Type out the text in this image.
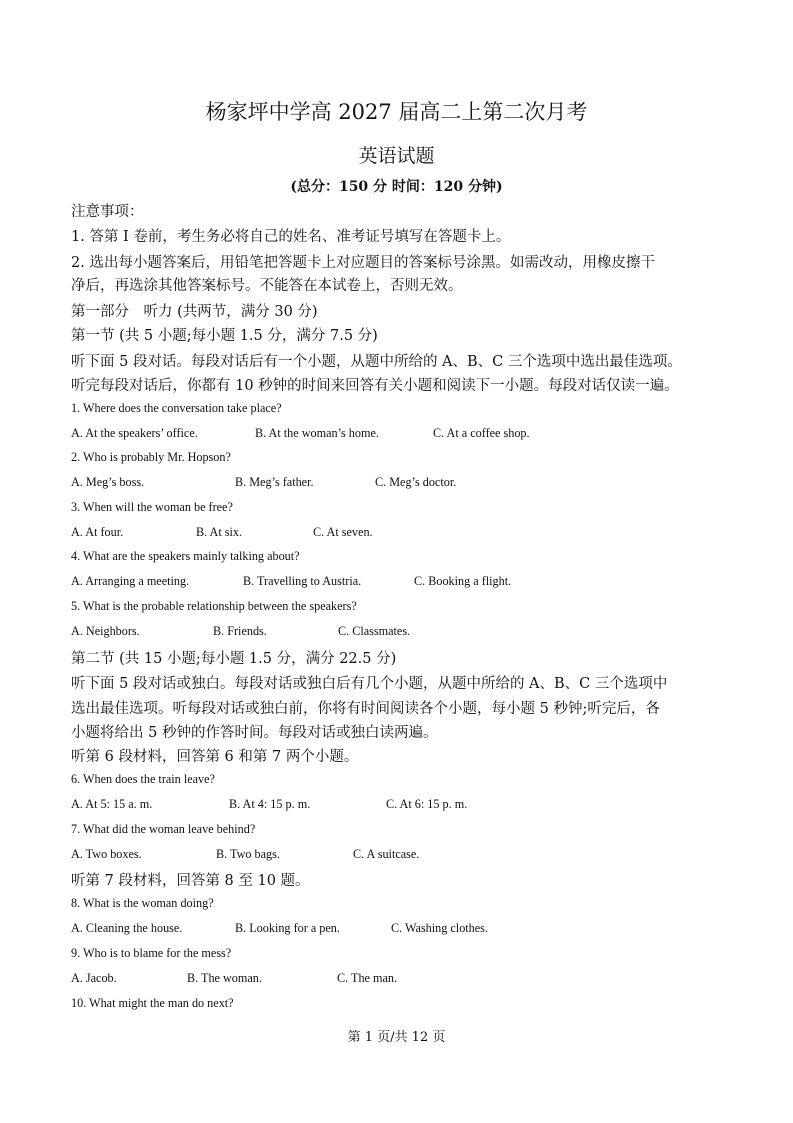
杨家坪中学高 2027 届高二上第二次月考
英语试题
(总分：150 分 时间：120 分钟)
注意事项：
1. 答第 I 卷前，考生务必将自己的姓名、准考证号填写在答题卡上。
2. 选出每小题答案后，用铅笔把答题卡上对应题目的答案标号涂黑。如需改动，用橡皮擦干
净后，再选涂其他答案标号。不能答在本试卷上，否则无效。
第一部分　听力 (共两节，满分 30 分)
第一节 (共 5 小题;每小题 1.5 分，满分 7.5 分)
听下面 5 段对话。每段对话后有一个小题，从题中所给的 A、B、C 三个选项中选出最佳选项。
听完每段对话后，你都有 10 秒钟的时间来回答有关小题和阅读下一小题。每段对话仅读一遍。
1. Where does the conversation take place?
A. At the speakers’ office.	B. At the woman’s home.	C. At a coffee shop.
2. Who is probably Mr. Hopson?
A. Meg’s boss.	B. Meg’s father.	C. Meg’s doctor.
3. When will the woman be free?
A. At four.	B. At six.	C. At seven.
4. What are the speakers mainly talking about?
A. Arranging a meeting.	B. Travelling to Austria.	C. Booking a flight.
5. What is the probable relationship between the speakers?
A. Neighbors.	B. Friends.	C. Classmates.
第二节 (共 15 小题;每小题 1.5 分，满分 22.5 分)
听下面 5 段对话或独白。每段对话或独白后有几个小题，从题中所给的 A、B、C 三个选项中
选出最佳选项。听每段对话或独白前，你将有时间阅读各个小题，每小题 5 秒钟;听完后，各
小题将给出 5 秒钟的作答时间。每段对话或独白读两遍。
听第 6 段材料，回答第 6 和第 7 两个小题。
6. When does the train leave?
A. At 5: 15 a. m.	B. At 4: 15 p. m.	C. At 6: 15 p. m.
7. What did the woman leave behind?
A. Two boxes.	B. Two bags.	C. A suitcase.
听第 7 段材料，回答第 8 至 10 题。
8. What is the woman doing?
A. Cleaning the house.	B. Looking for a pen.	C. Washing clothes.
9. Who is to blame for the mess?
A. Jacob.	B. The woman.	C. The man.
10. What might the man do next?
第 1 页/共 12 页
